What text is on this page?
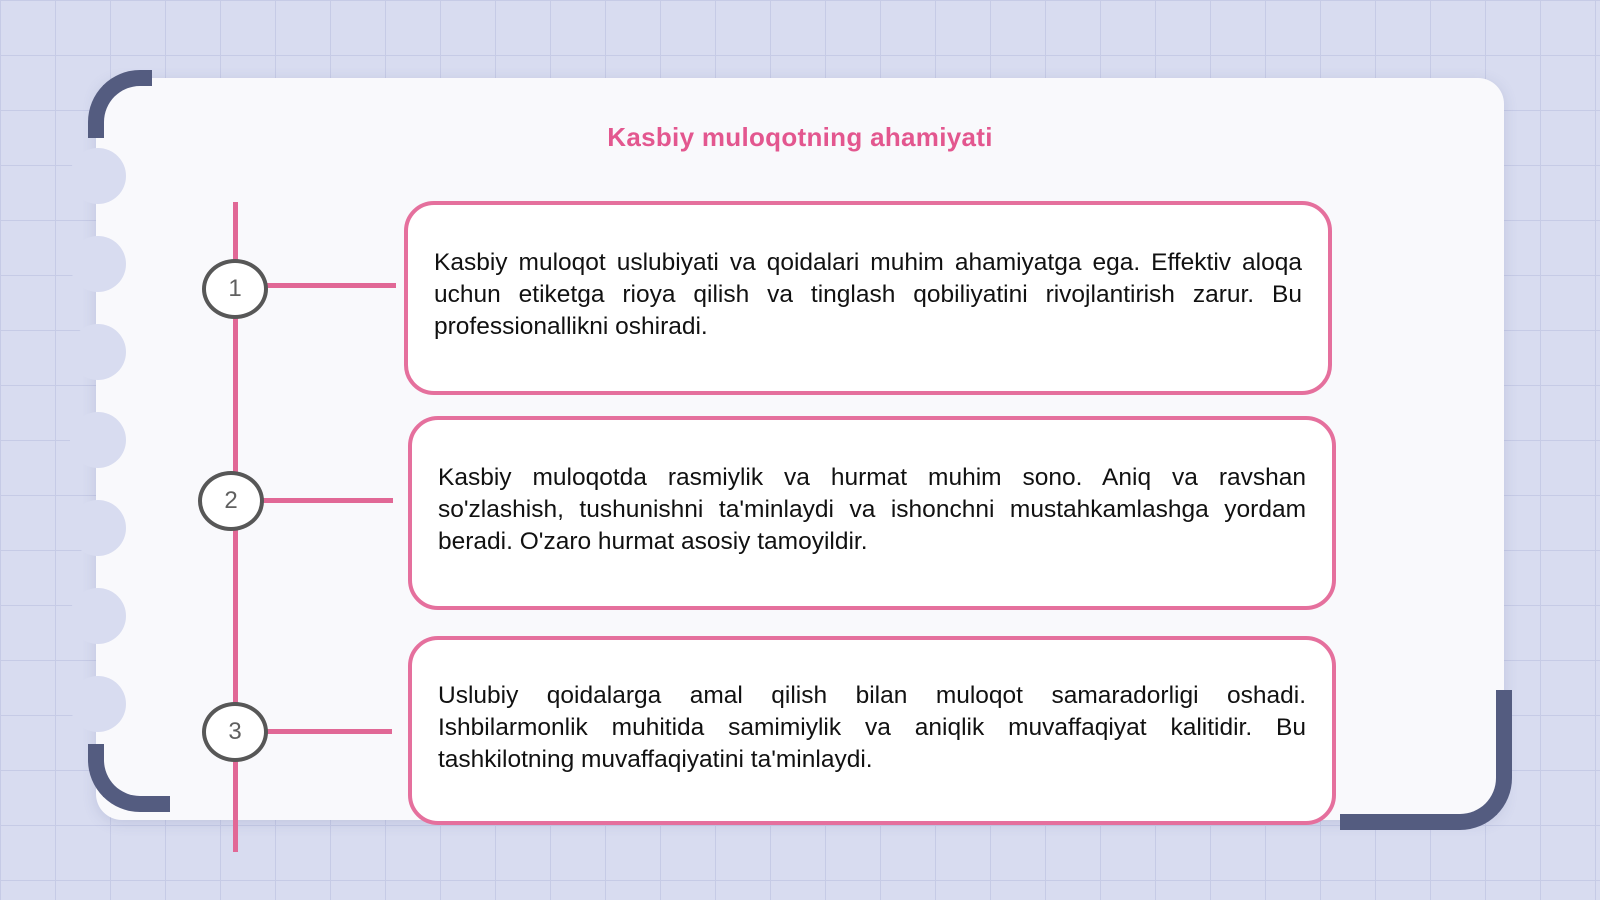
Kasbiy muloqotning ahamiyati
1
2
3

Kasbiy muloqot uslubiyati va qoidalari muhim ahamiyatga ega. Effektiv aloqa uchun etiketga rioya qilish va tinglash qobiliyatini rivojlantirish zarur. Bu professionallikni oshiradi.

Kasbiy muloqotda rasmiylik va hurmat muhim sono. Aniq va ravshan so'zlashish, tushunishni ta'minlaydi va ishonchni mustahkamlashga yordam beradi. O'zaro hurmat asosiy tamoyildir.

Uslubiy qoidalarga amal qilish bilan muloqot samaradorligi oshadi. Ishbilarmonlik muhitida samimiylik va aniqlik muvaffaqiyat kalitidir. Bu tashkilotning muvaffaqiyatini ta'minlaydi.
